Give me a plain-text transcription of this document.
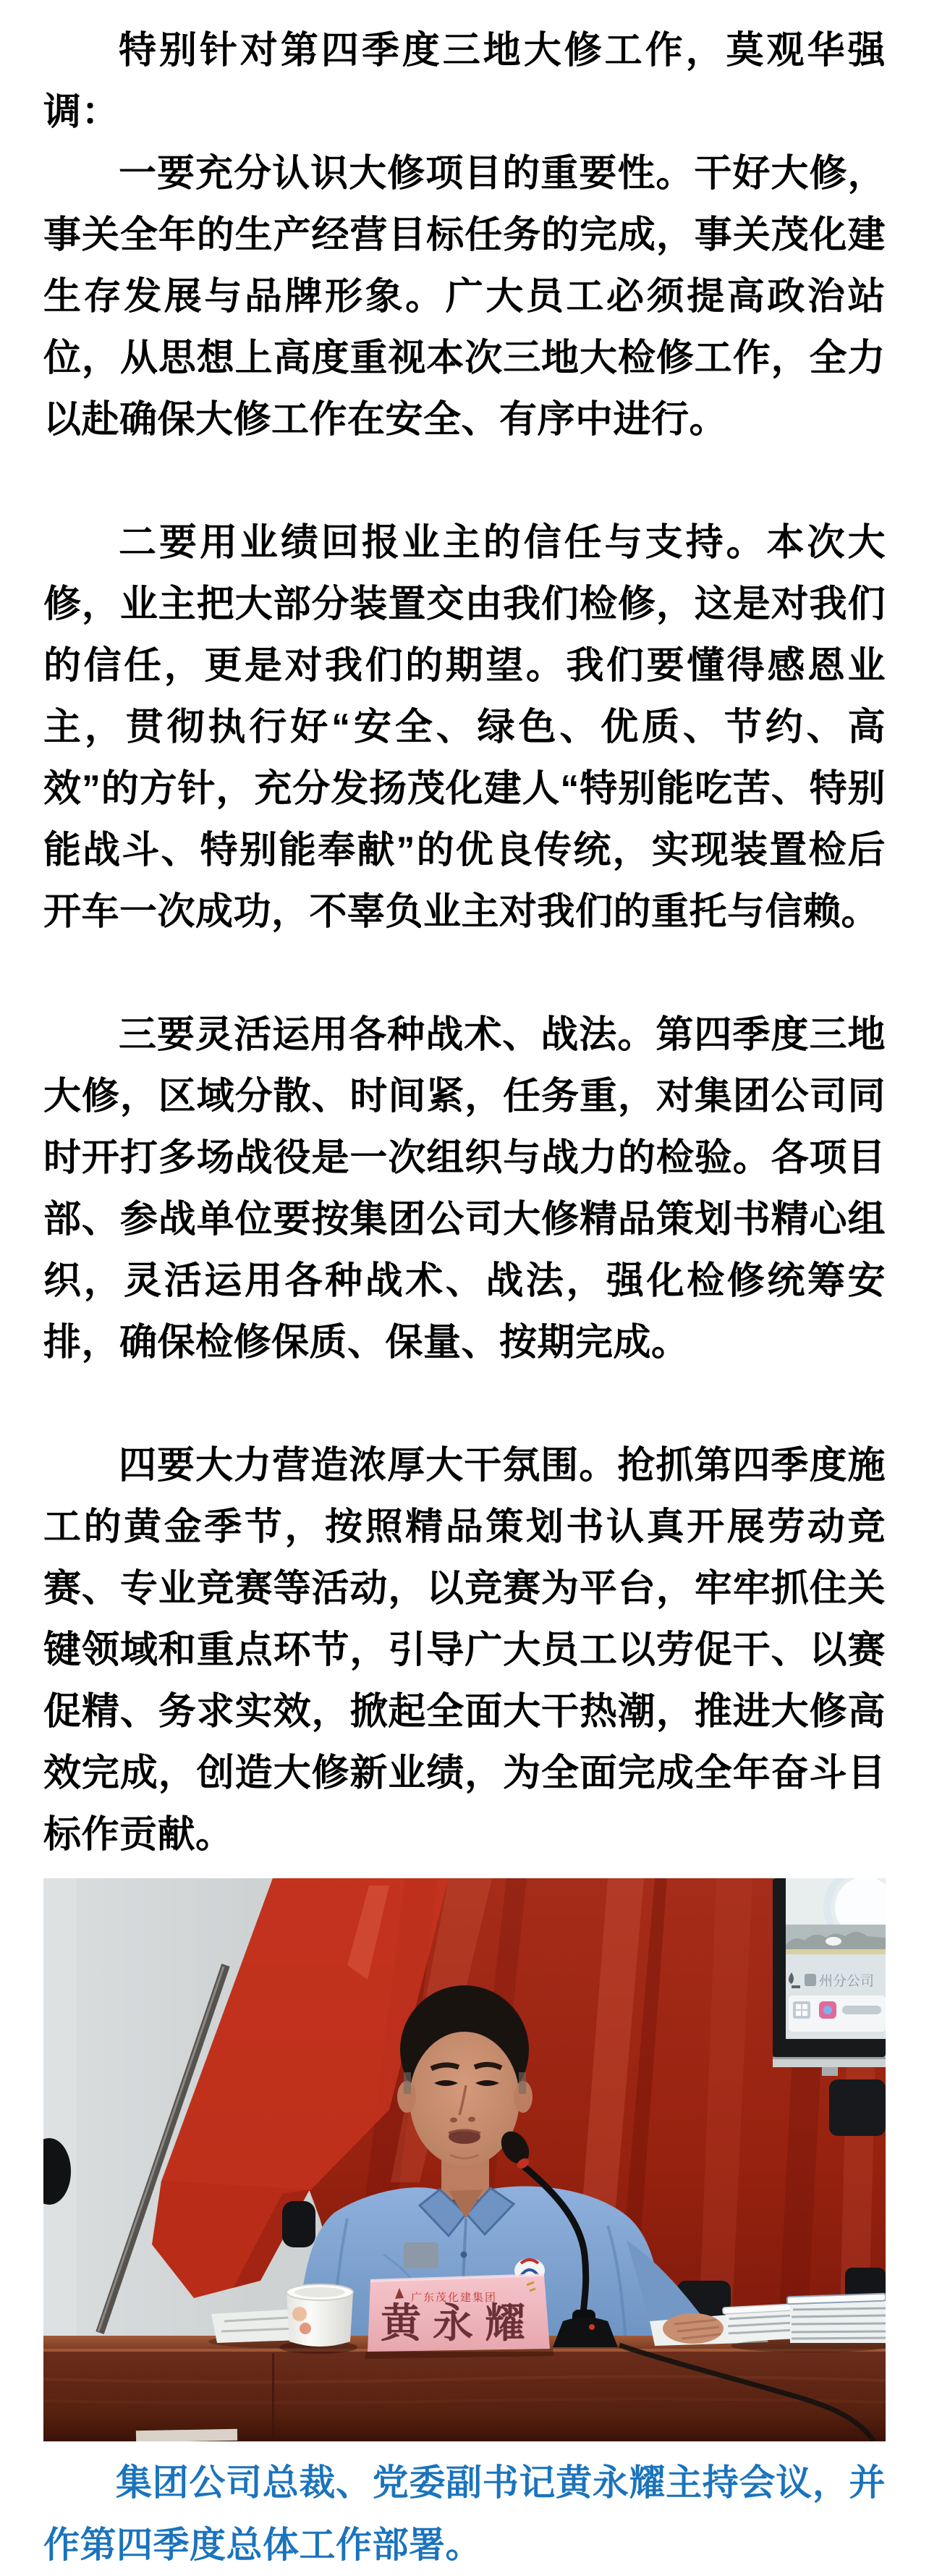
特别针对第四季度三地大修工作，莫观华强调：

一要充分认识大修项目的重要性。干好大修，事关全年的生产经营目标任务的完成，事关茂化建生存发展与品牌形象。广大员工必须提高政治站位，从思想上高度重视本次三地大检修工作，全力以赴确保大修工作在安全、有序中进行。

二要用业绩回报业主的信任与支持。本次大修，业主把大部分装置交由我们检修，这是对我们的信任，更是对我们的期望。我们要懂得感恩业主，贯彻执行好“安全、绿色、优质、节约、高效”的方针，充分发扬茂化建人“特别能吃苦、特别能战斗、特别能奉献”的优良传统，实现装置检后开车一次成功，不辜负业主对我们的重托与信赖。

三要灵活运用各种战术、战法。第四季度三地大修，区域分散、时间紧，任务重，对集团公司同时开打多场战役是一次组织与战力的检验。各项目部、参战单位要按集团公司大修精品策划书精心组织，灵活运用各种战术、战法，强化检修统筹安排，确保检修保质、保量、按期完成。

四要大力营造浓厚大干氛围。抢抓第四季度施工的黄金季节，按照精品策划书认真开展劳动竞赛、专业竞赛等活动，以竞赛为平台，牢牢抓住关键领域和重点环节，引导广大员工以劳促干、以赛促精、务求实效，掀起全面大干热潮，推进大修高效完成，创造大修新业绩，为全面完成全年奋斗目标作贡献。

州分公司
广东茂化建集团
黄永耀

集团公司总裁、党委副书记黄永耀主持会议，并作第四季度总体工作部署。
